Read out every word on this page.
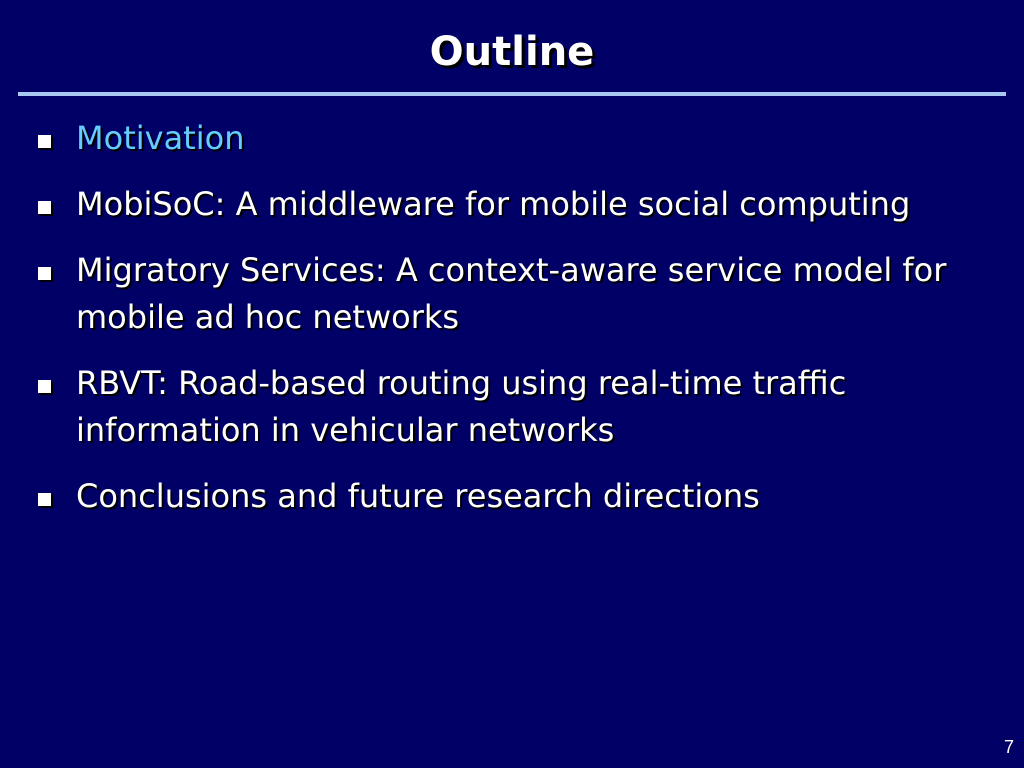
Outline
Motivation
MobiSoC: A middleware for mobile social computing
Migratory Services: A context-aware service model for mobile ad hoc networks
RBVT: Road-based routing using real-time traffic information in vehicular networks
Conclusions and future research directions
7
